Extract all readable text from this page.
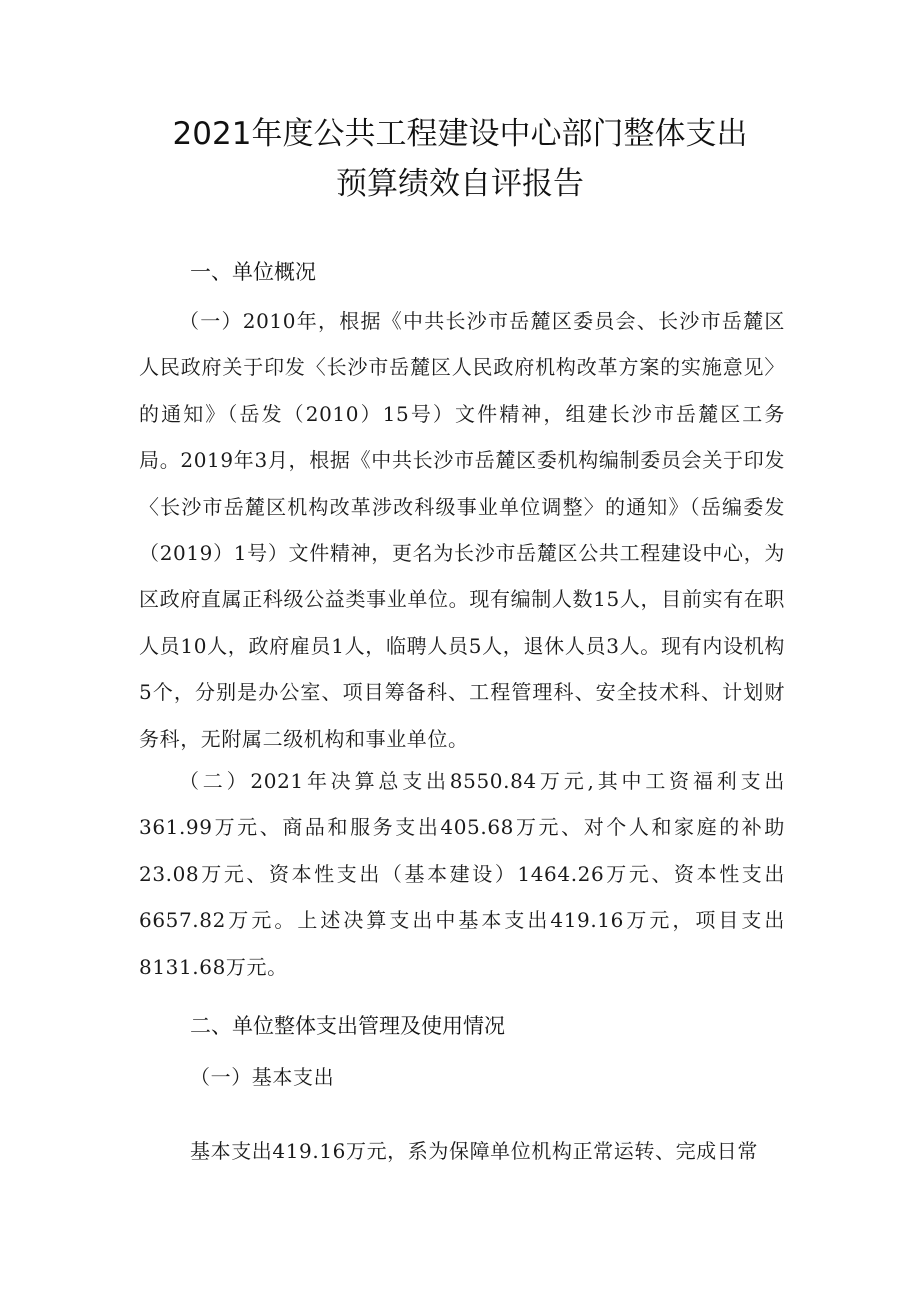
2021年度公共工程建设中心部门整体支出
预算绩效自评报告
一、单位概况

（一）2010年，根据《中共长沙市岳麓区委员会、长沙市岳麓区人民政府关于印发〈长沙市岳麓区人民政府机构改革方案的实施意见〉的通知》（岳发（2010）15号）文件精神，组建长沙市岳麓区工务局。2019年3月，根据《中共长沙市岳麓区委机构编制委员会关于印发〈长沙市岳麓区机构改革涉改科级事业单位调整〉的通知》（岳编委发（2019）1号）文件精神，更名为长沙市岳麓区公共工程建设中心，为区政府直属正科级公益类事业单位。现有编制人数15人，目前实有在职人员10人，政府雇员1人，临聘人员5人，退休人员3人。现有内设机构5个，分别是办公室、项目筹备科、工程管理科、安全技术科、计划财务科，无附属二级机构和事业单位。

（二）2021年决算总支出8550.84万元,其中工资福利支出361.99万元、商品和服务支出405.68万元、对个人和家庭的补助23.08万元、资本性支出（基本建设）1464.26万元、资本性支出6657.82万元。上述决算支出中基本支出419.16万元，项目支出8131.68万元。

二、单位整体支出管理及使用情况
（一）基本支出
基本支出419.16万元，系为保障单位机构正常运转、完成日常
